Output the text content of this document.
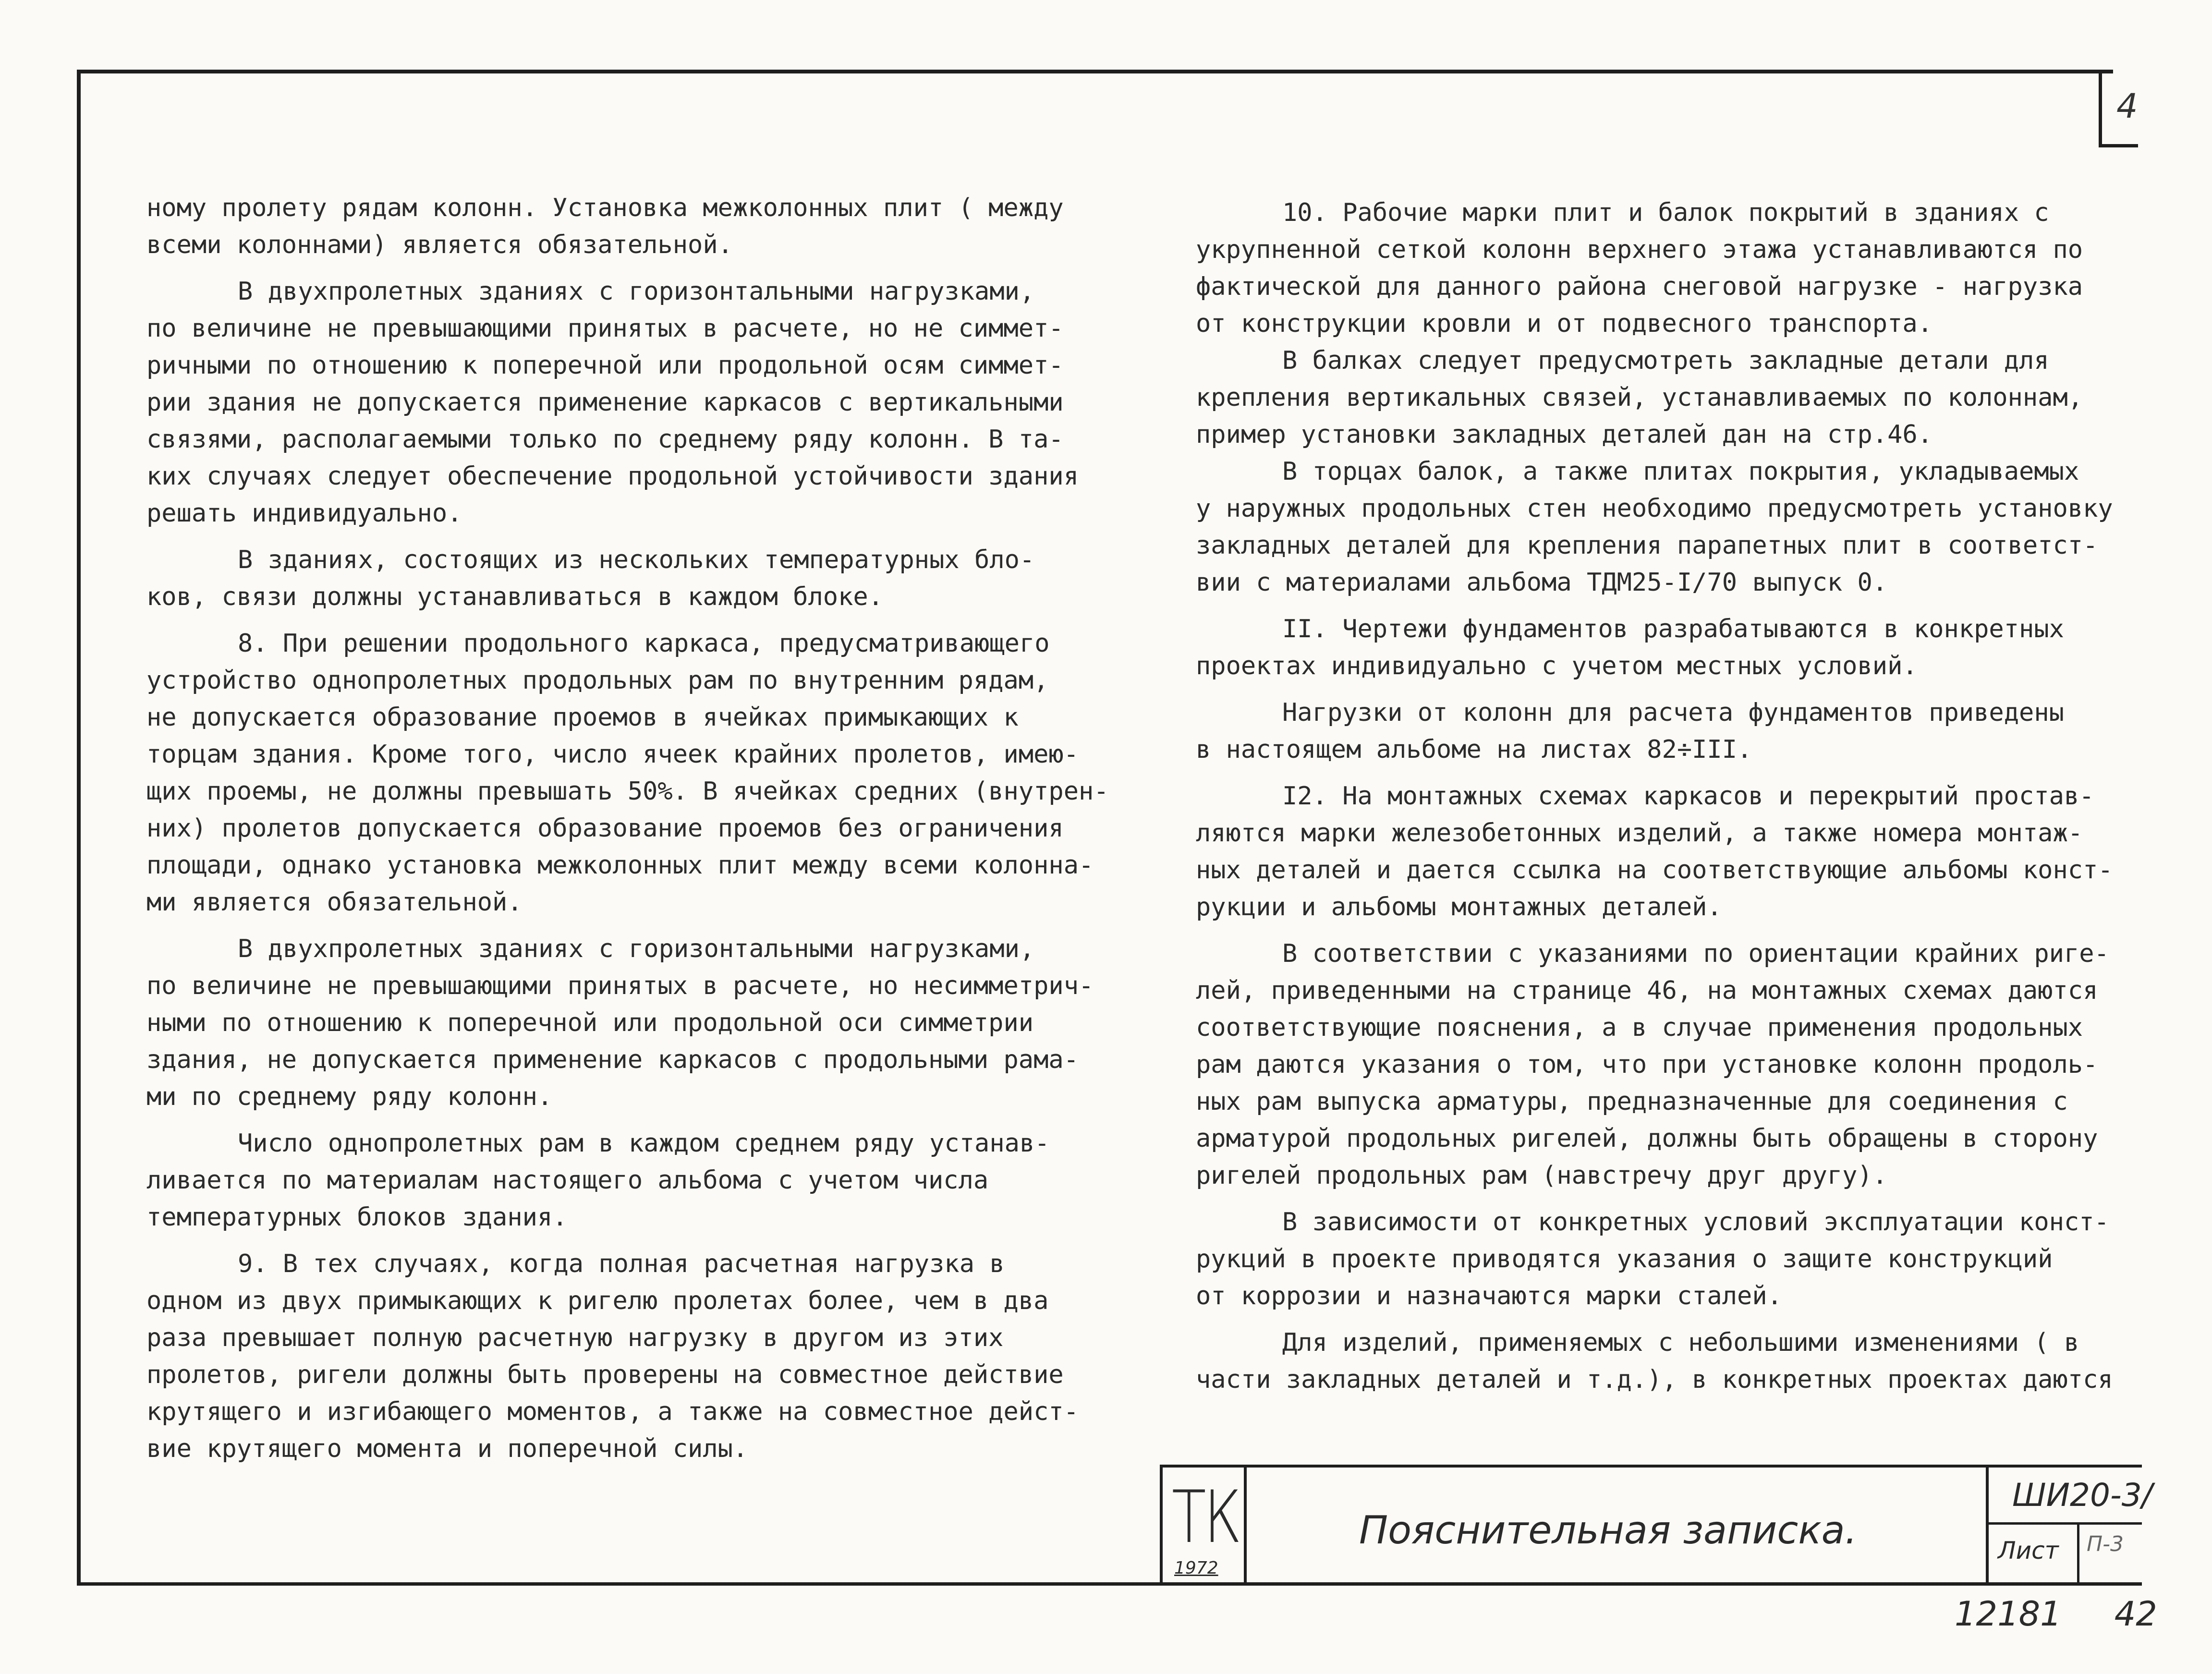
4

ному пролету рядам колонн. Установка межколонных плит ( между
всеми колоннами) является обязательной.

В двухпролетных зданиях с горизонтальными нагрузками,
по величине не превышающими принятых в расчете, но не симмет-
ричными по отношению к поперечной или продольной осям симмет-
рии здания не допускается применение каркасов с вертикальными
связями, располагаемыми только по среднему ряду колонн. В та-
ких случаях следует обеспечение продольной устойчивости здания
решать индивидуально.

В зданиях, состоящих из нескольких температурных бло-
ков, связи должны устанавливаться в каждом блоке.

8. При решении продольного каркаса, предусматривающего
устройство однопролетных продольных рам по внутренним рядам,
не допускается образование проемов в ячейках примыкающих к
торцам здания. Кроме того, число ячеек крайних пролетов, имею-
щих проемы, не должны превышать 50%. В ячейках средних (внутрен-
них) пролетов допускается образование проемов без ограничения
площади, однако установка межколонных плит между всеми колонна-
ми является обязательной.

В двухпролетных зданиях с горизонтальными нагрузками,
по величине не превышающими принятых в расчете, но несимметрич-
ными по отношению к поперечной или продольной оси симметрии
здания, не допускается применение каркасов с продольными рама-
ми по среднему ряду колонн.

Число однопролетных рам в каждом среднем ряду устанав-
ливается по материалам настоящего альбома с учетом числа
температурных блоков здания.

9. В тех случаях, когда полная расчетная нагрузка в
одном из двух примыкающих к ригелю пролетах более, чем в два
раза превышает полную расчетную нагрузку в другом из этих
пролетов, ригели должны быть проверены на совместное действие
крутящего и изгибающего моментов, а также на совместное дейст-
вие крутящего момента и поперечной силы.

10. Рабочие марки плит и балок покрытий в зданиях с
укрупненной сеткой колонн верхнего этажа устанавливаются по
фактической для данного района снеговой нагрузке - нагрузка
от конструкции кровли и от подвесного транспорта.
В балках следует предусмотреть закладные детали для
крепления вертикальных связей, устанавливаемых по колоннам,
пример установки закладных деталей дан на стр.46.
В торцах балок, а также плитах покрытия, укладываемых
у наружных продольных стен необходимо предусмотреть установку
закладных деталей для крепления парапетных плит в соответст-
вии с материалами альбома ТДМ25-I/70 выпуск 0.

II. Чертежи фундаментов разрабатываются в конкретных
проектах индивидуально с учетом местных условий.

Нагрузки от колонн для расчета фундаментов приведены
в настоящем альбоме на листах 82÷III.

I2. На монтажных схемах каркасов и перекрытий простав-
ляются марки железобетонных изделий, а также номера монтаж-
ных деталей и дается ссылка на соответствующие альбомы конст-
рукции и альбомы монтажных деталей.

В соответствии с указаниями по ориентации крайних риге-
лей, приведенными на странице 46, на монтажных схемах даются
соответствующие пояснения, а в случае применения продольных
рам даются указания о том, что при установке колонн продоль-
ных рам выпуска арматуры, предназначенные для соединения с
арматурой продольных ригелей, должны быть обращены в сторону
ригелей продольных рам (навстречу друг другу).

В зависимости от конкретных условий эксплуатации конст-
рукций в проекте приводятся указания о защите конструкций
от коррозии и назначаются марки сталей.

Для изделий, применяемых с небольшими изменениями ( в
части закладных деталей и т.д.), в конкретных проектах даются

ТК
1972
Пояснительная записка.
ШИ20-3/
Лист П-3
12181 42
